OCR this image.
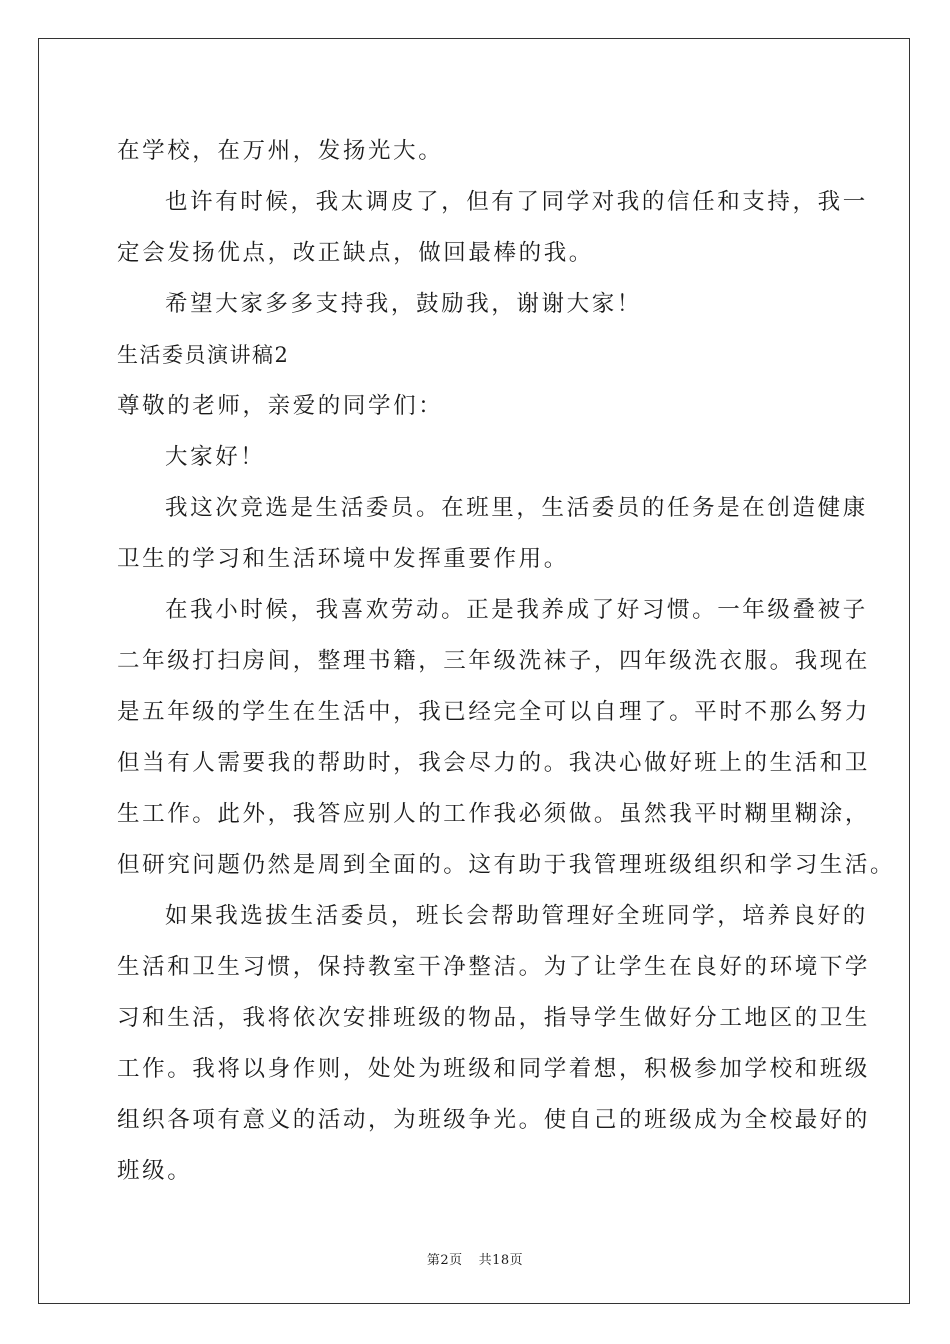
在学校，在万州，发扬光大。
也许有时候，我太调皮了，但有了同学对我的信任和支持，我一
定会发扬优点，改正缺点，做回最棒的我。
希望大家多多支持我，鼓励我，谢谢大家！
生活委员演讲稿2
尊敬的老师，亲爱的同学们：
大家好！
我这次竞选是生活委员。在班里，生活委员的任务是在创造健康
卫生的学习和生活环境中发挥重要作用。
在我小时候，我喜欢劳动。正是我养成了好习惯。一年级叠被子
二年级打扫房间，整理书籍，三年级洗袜子，四年级洗衣服。我现在
是五年级的学生在生活中，我已经完全可以自理了。平时不那么努力
但当有人需要我的帮助时，我会尽力的。我决心做好班上的生活和卫
生工作。此外，我答应别人的工作我必须做。虽然我平时糊里糊涂，
但研究问题仍然是周到全面的。这有助于我管理班级组织和学习生活。
如果我选拔生活委员，班长会帮助管理好全班同学，培养良好的
生活和卫生习惯，保持教室干净整洁。为了让学生在良好的环境下学
习和生活，我将依次安排班级的物品，指导学生做好分工地区的卫生
工作。我将以身作则，处处为班级和同学着想，积极参加学校和班级
组织各项有意义的活动，为班级争光。使自己的班级成为全校最好的
班级。
第2页 共18页
